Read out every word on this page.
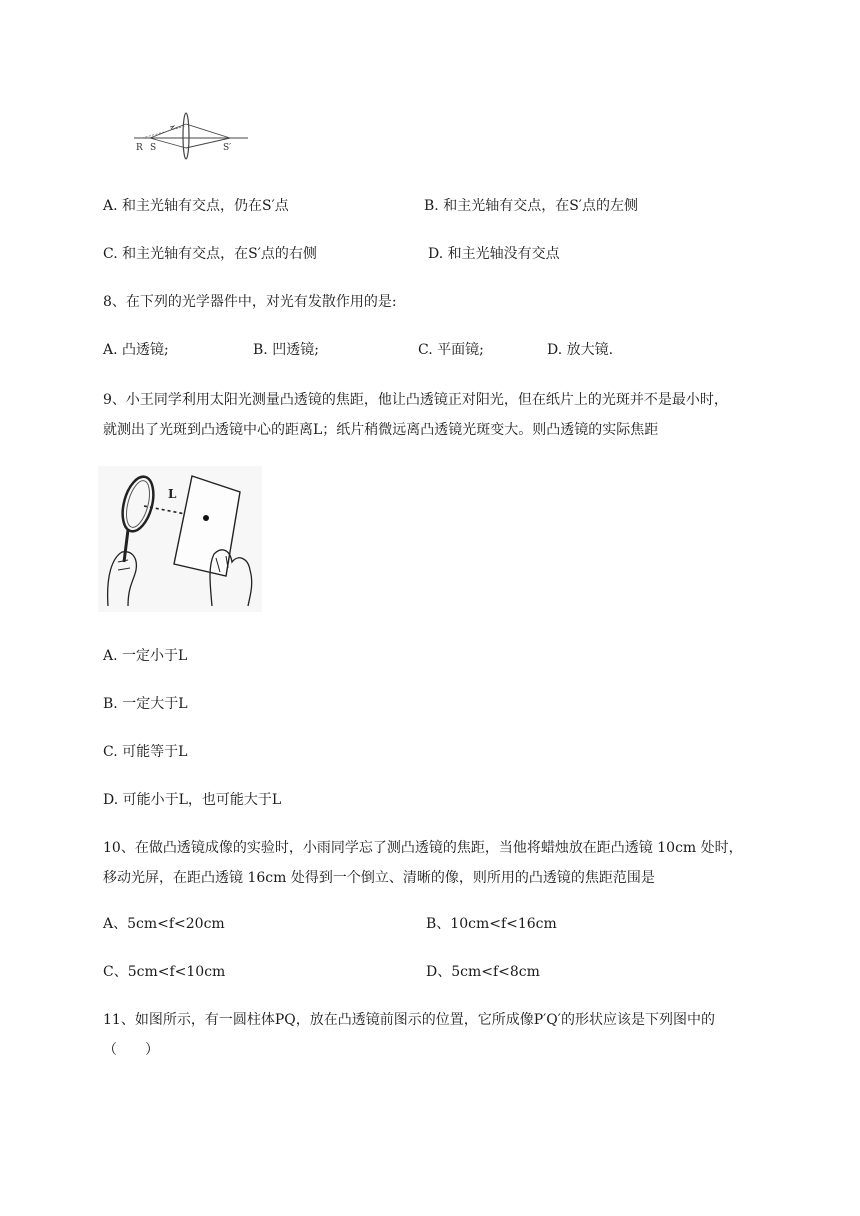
R S	S′
A. 和主光轴有交点，仍在S′点	B. 和主光轴有交点，在S′点的左侧
C. 和主光轴有交点，在S′点的右侧	D. 和主光轴没有交点
8、在下列的光学器件中，对光有发散作用的是:
A. 凸透镜;	B. 凹透镜;	C. 平面镜;	D. 放大镜.
9、小王同学利用太阳光测量凸透镜的焦距，他让凸透镜正对阳光，但在纸片上的光斑并不是最小时，
就测出了光斑到凸透镜中心的距离L；纸片稍微远离凸透镜光斑变大。则凸透镜的实际焦距
L
A. 一定小于L
B. 一定大于L
C. 可能等于L
D. 可能小于L，也可能大于L
10、在做凸透镜成像的实验时，小雨同学忘了测凸透镜的焦距，当他将蜡烛放在距凸透镜 10cm 处时，
移动光屏，在距凸透镜 16cm 处得到一个倒立、清晰的像，则所用的凸透镜的焦距范围是
A、5cm<f<20cm	B、10cm<f<16cm
C、5cm<f<10cm	D、5cm<f<8cm
11、如图所示，有一圆柱体PQ，放在凸透镜前图示的位置，它所成像P′Q′的形状应该是下列图中的
（　　）
